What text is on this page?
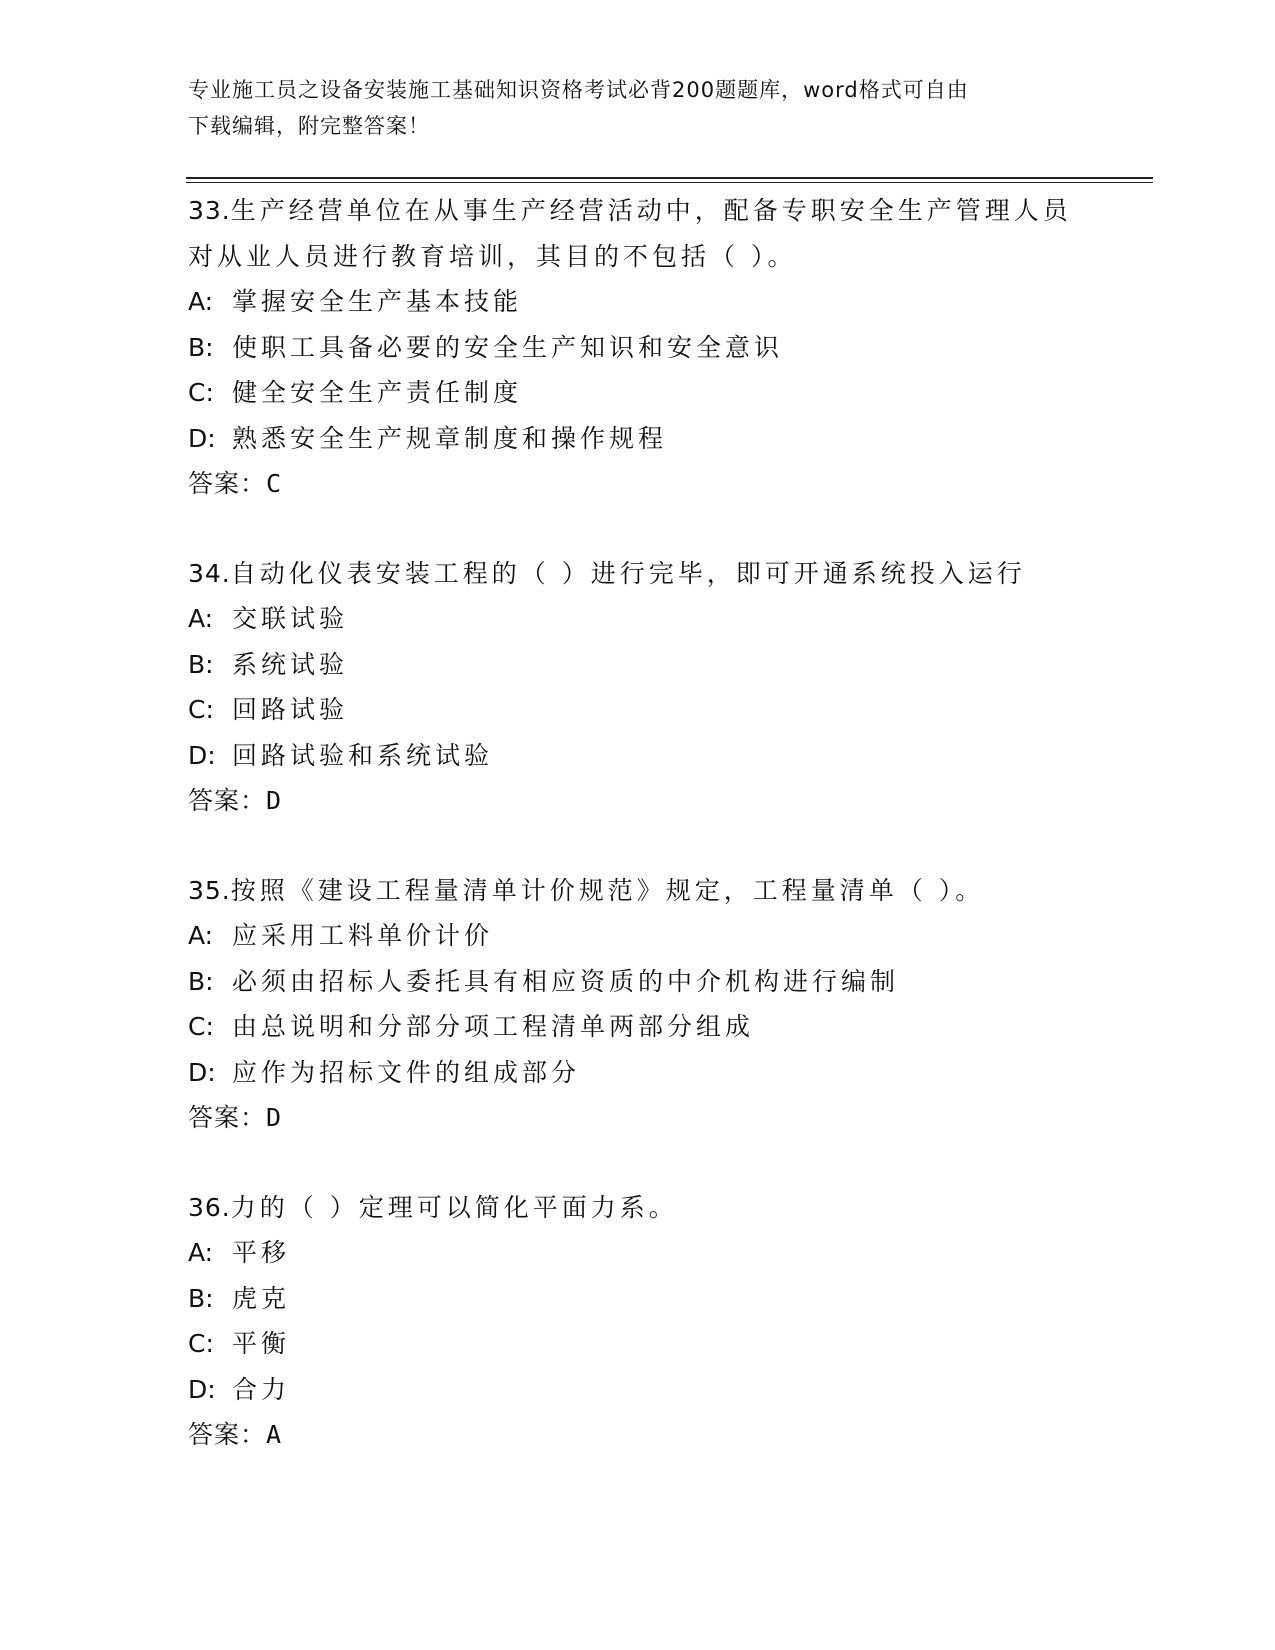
专业施工员之设备安装施工基础知识资格考试必背200题题库，word格式可自由
下载编辑，附完整答案！
33.生产经营单位在从事生产经营活动中，配备专职安全生产管理人员
对从业人员进行教育培训，其目的不包括（ ）。
A: 掌握安全生产基本技能
B: 使职工具备必要的安全生产知识和安全意识
C: 健全安全生产责任制度
D: 熟悉安全生产规章制度和操作规程
答案：C
34.自动化仪表安装工程的（ ）进行完毕，即可开通系统投入运行
A: 交联试验
B: 系统试验
C: 回路试验
D: 回路试验和系统试验
答案：D
35.按照《建设工程量清单计价规范》规定，工程量清单（ ）。
A: 应采用工料单价计价
B: 必须由招标人委托具有相应资质的中介机构进行编制
C: 由总说明和分部分项工程清单两部分组成
D: 应作为招标文件的组成部分
答案：D
36.力的（ ）定理可以简化平面力系。
A: 平移
B: 虎克
C: 平衡
D: 合力
答案：A
